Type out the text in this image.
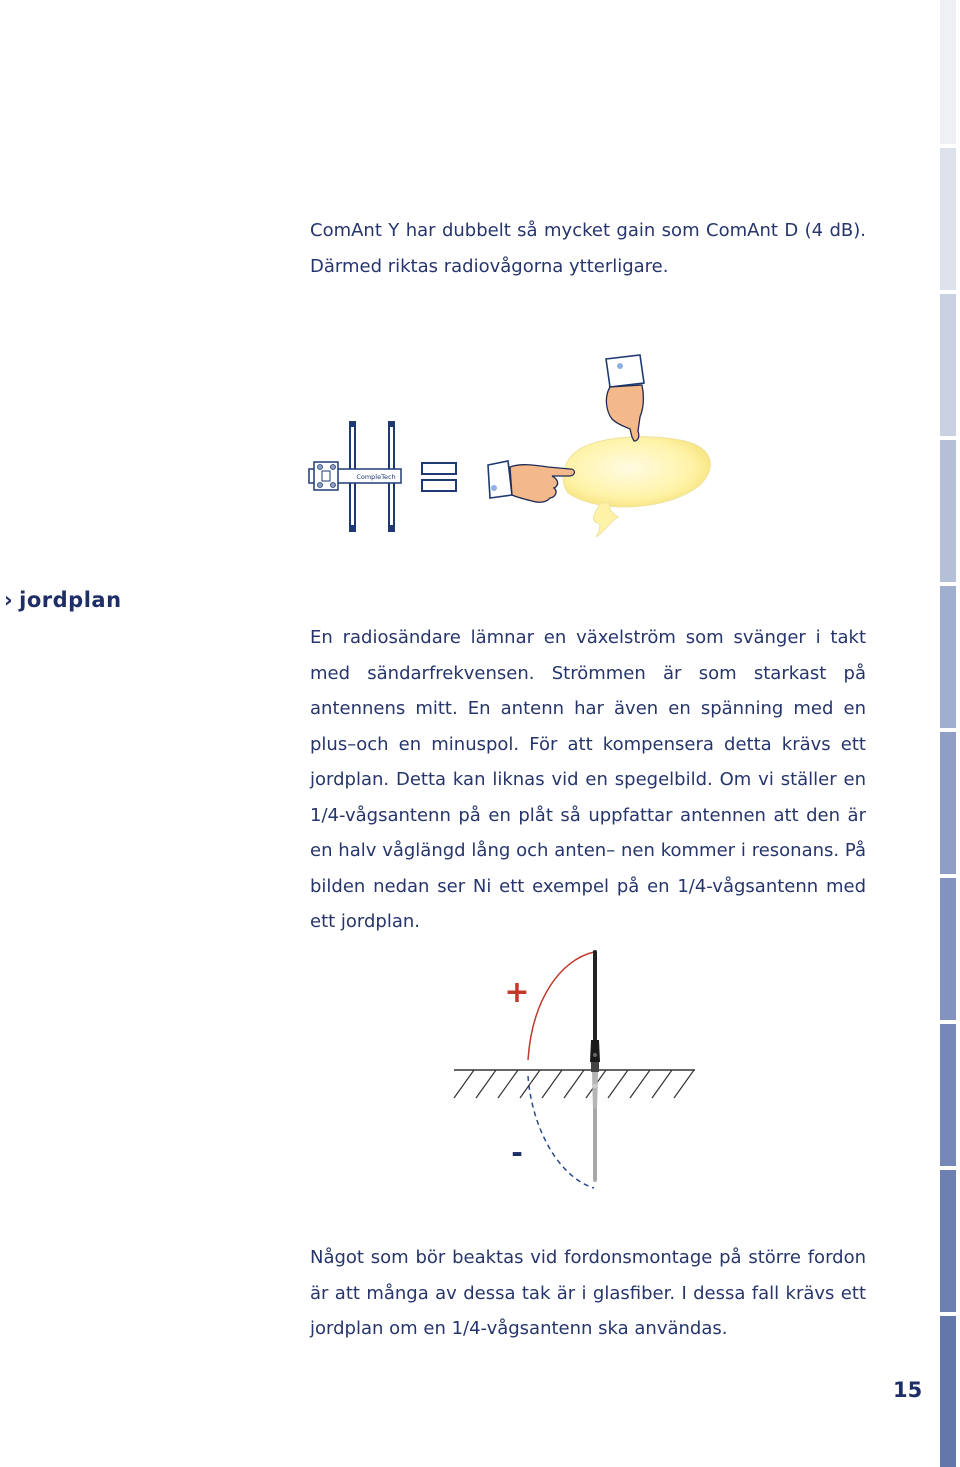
ComAnt Y har dubbelt så mycket gain som ComAnt D (4 dB). Därmed riktas radiovågorna ytterligare.

CompleTech
› jordplan

En radiosändare lämnar en växelström som svänger i takt med sändarfrekvensen. Strömmen är som starkast på antennens mitt. En antenn har även en spänning med en plus–och en minuspol. För att kompensera detta krävs ett jordplan. Detta kan liknas vid en spegelbild. Om vi ställer en 1/4-vågsantenn på en plåt så uppfattar antennen att den är en halv våglängd lång och anten– nen kommer i resonans. På bilden nedan ser Ni ett exempel på en 1/4-vågsantenn med ett jordplan.

+
-

Något som bör beaktas vid fordonsmontage på större fordon är att många av dessa tak är i glasfiber. I dessa fall krävs ett jordplan om en 1/4-vågsantenn ska användas.

15
